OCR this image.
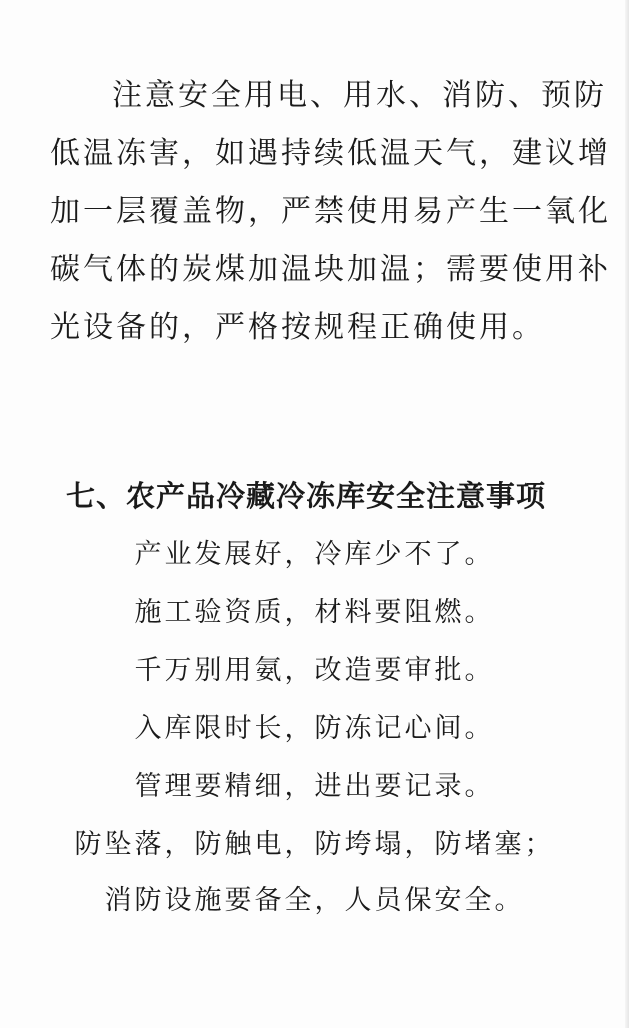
注意安全用电、用水、消防、预防
低温冻害，如遇持续低温天气，建议增
加一层覆盖物，严禁使用易产生一氧化
碳气体的炭煤加温块加温；需要使用补
光设备的，严格按规程正确使用。
七、农产品冷藏冷冻库安全注意事项
产业发展好，冷库少不了。
施工验资质，材料要阻燃。
千万别用氨，改造要审批。
入库限时长，防冻记心间。
管理要精细，进出要记录。
防坠落，防触电，防垮塌，防堵塞；
消防设施要备全，人员保安全。
